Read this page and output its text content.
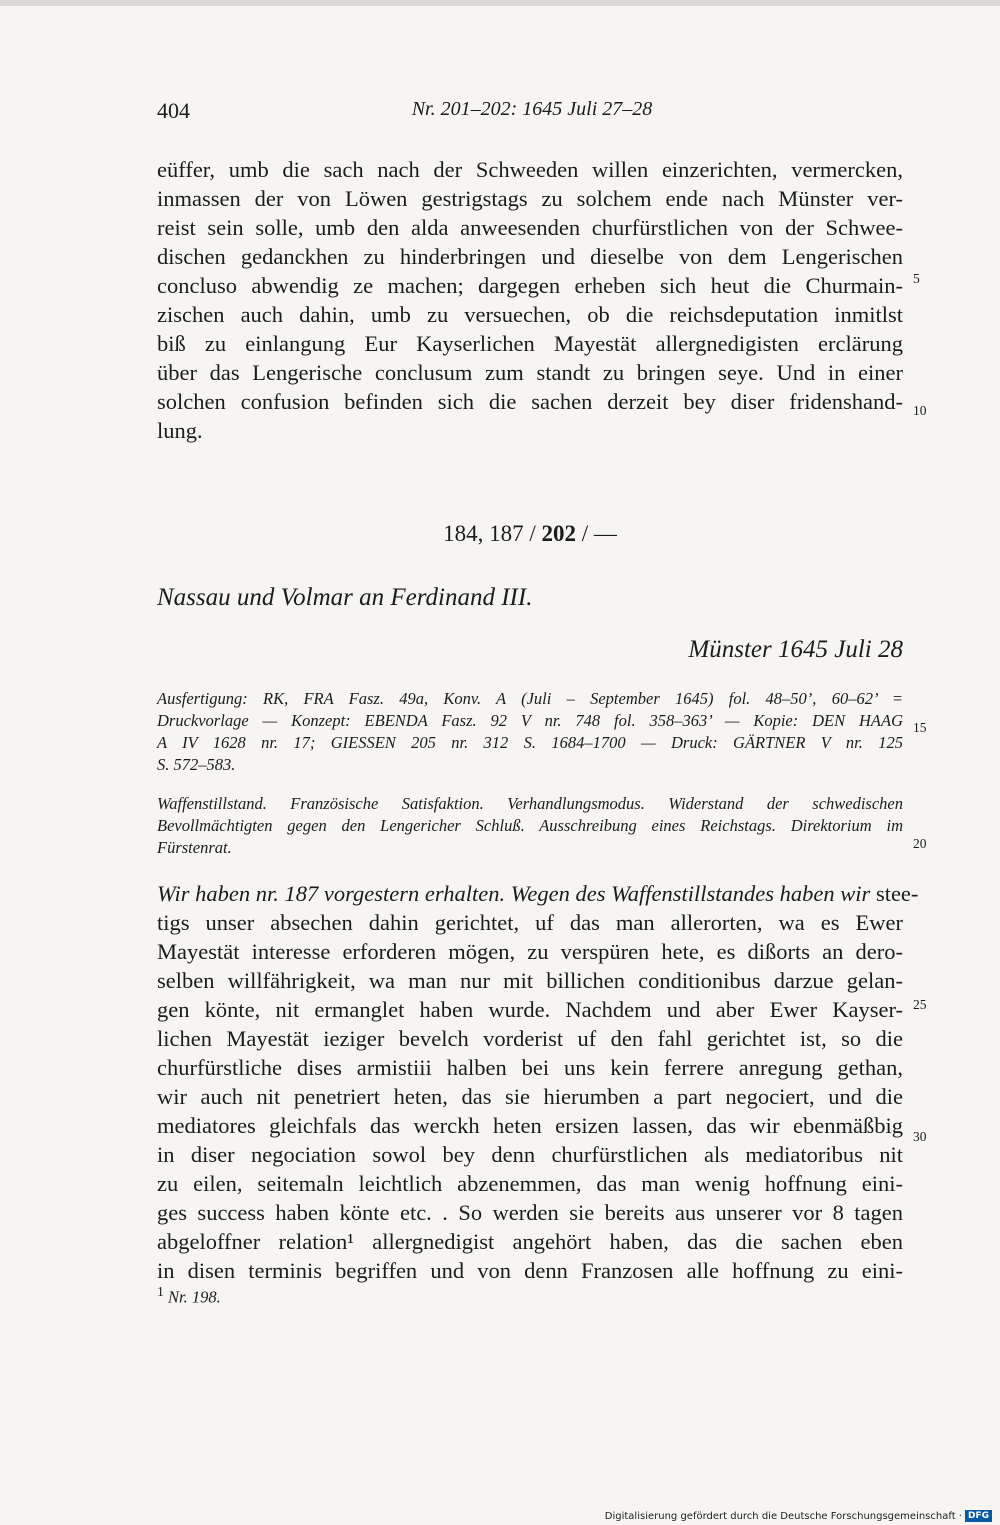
404	Nr. 201–202: 1645 Juli 27–28
eüffer, umb die sach nach der Schweeden willen einzerichten, vermercken,
inmassen der von Löwen gestrigstags zu solchem ende nach Münster ver-
reist sein solle, umb den alda anweesenden churfürstlichen von der Schwee-
dischen gedanckhen zu hinderbringen und dieselbe von dem Lengerischen
concluso abwendig ze machen; dargegen erheben sich heut die Churmain-
zischen auch dahin, umb zu versuechen, ob die reichsdeputation inmitlst
biß zu einlangung Eur Kayserlichen Mayestät allergnedigisten erclärung
über das Lengerische conclusum zum standt zu bringen seye. Und in einer
solchen confusion befinden sich die sachen derzeit bey diser fridenshand-
lung.
5
10
184, 187 / 202 / —
Nassau und Volmar an Ferdinand III.
Münster 1645 Juli 28
Ausfertigung: RK, FRA Fasz. 49a, Konv. A (Juli – September 1645) fol. 48–50’, 60–62’ =
Druckvorlage — Konzept: EBENDA Fasz. 92 V nr. 748 fol. 358–363’ — Kopie: DEN HAAG
A IV 1628 nr. 17; GIESSEN 205 nr. 312 S. 1684–1700 — Druck: GÄRTNER V nr. 125
S. 572–583.
15
Waffenstillstand. Französische Satisfaktion. Verhandlungsmodus. Widerstand der schwedischen
Bevollmächtigten gegen den Lengericher Schluß. Ausschreibung eines Reichstags. Direktorium im
Fürstenrat.	20
Wir haben nr. 187 vorgestern erhalten. Wegen des Waffenstillstandes haben wir stee-
tigs unser absechen dahin gerichtet, uf das man allerorten, wa es Ewer
Mayestät interesse erforderen mögen, zu verspüren hete, es dißorts an dero-
selben willfährigkeit, wa man nur mit billichen conditionibus darzue gelan-
gen könte, nit ermanglet haben wurde. Nachdem und aber Ewer Kayser-
lichen Mayestät ieziger bevelch vorderist uf den fahl gerichtet ist, so die
churfürstliche dises armistiii halben bei uns kein ferrere anregung gethan,
wir auch nit penetriert heten, das sie hierumben a part negociert, und die
mediatores gleichfals das werckh heten ersizen lassen, das wir ebenmäßbig
in diser negociation sowol bey denn churfürstlichen als mediatoribus nit
zu eilen, seitemaln leichtlich abzenemmen, das man wenig hoffnung eini-
ges success haben könte etc. . So werden sie bereits aus unserer vor 8 tagen
abgeloffner relation¹ allergnedigist angehört haben, das die sachen eben
in disen terminis begriffen und von denn Franzosen alle hoffnung zu eini-
25
30
$^1$ Nr. 198.
Digitalisierung gefördert durch die Deutsche Forschungsgemeinschaft · DFG
